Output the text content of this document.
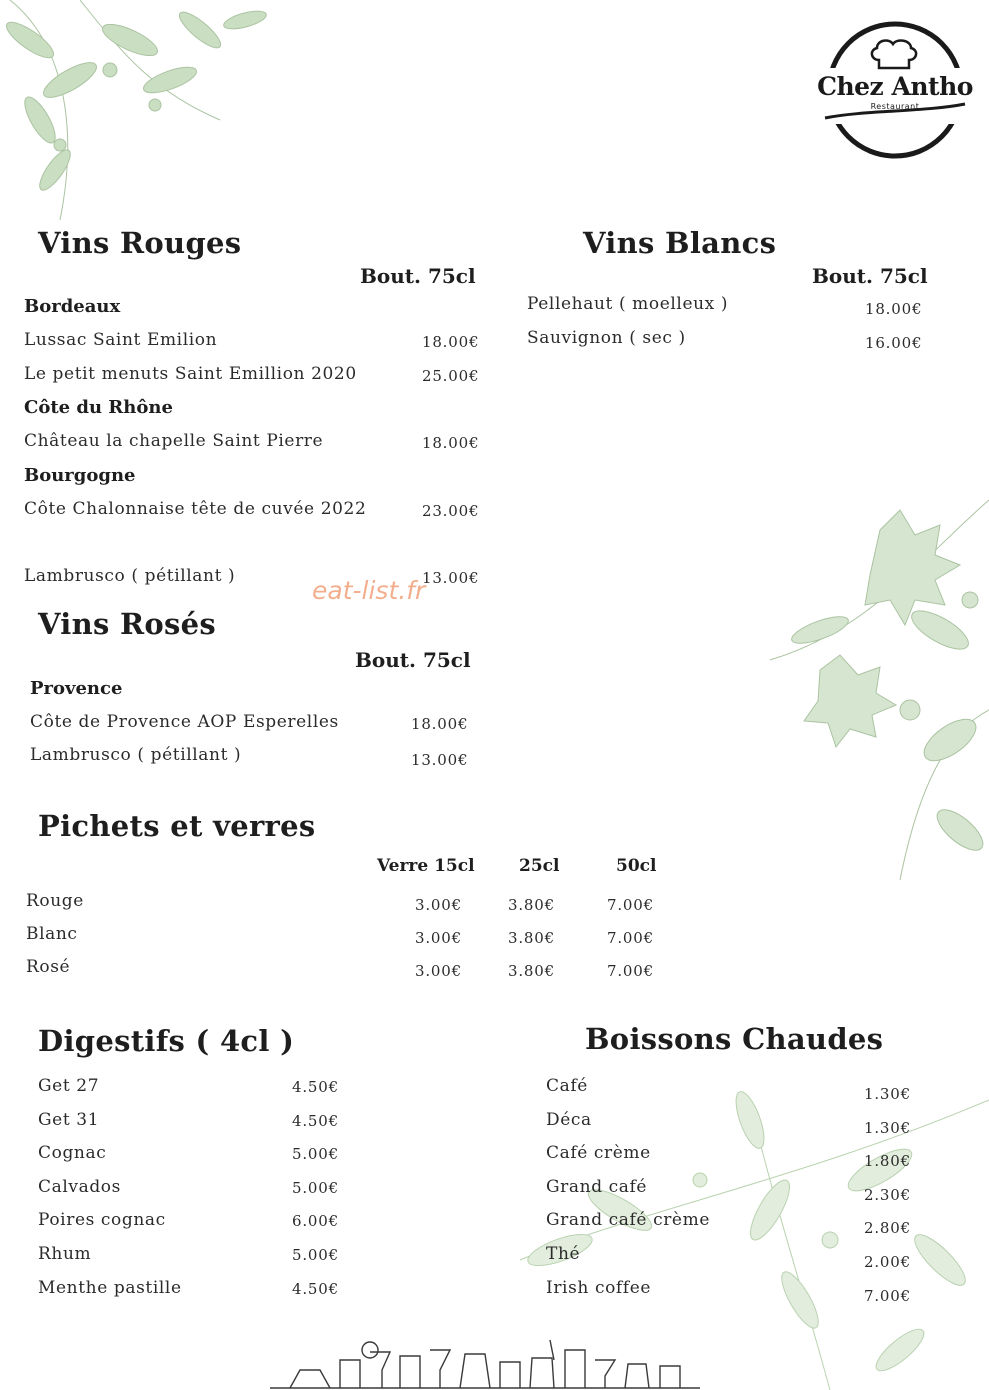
Chez Antho
Restaurant
Vins Rouges
Bout. 75cl
Bordeaux
Lussac Saint Emilion	18.00€
Le petit menuts Saint Emillion 2020	25.00€
Côte du Rhône
Château la chapelle Saint Pierre	18.00€
Bourgogne
Côte Chalonnaise tête de cuvée 2022	23.00€
Lambrusco ( pétillant )	13.00€
eat-list.fr
Vins Blancs
Bout. 75cl
Pellehaut ( moelleux )	18.00€
Sauvignon ( sec )	16.00€
Vins Rosés
Bout. 75cl
Provence
Côte de Provence AOP Esperelles	18.00€
Lambrusco ( pétillant )	13.00€
Pichets et verres
Verre 15cl	25cl	50cl
Rouge	3.00€	3.80€	7.00€
Blanc	3.00€	3.80€	7.00€
Rosé	3.00€	3.80€	7.00€
Digestifs ( 4cl )
Get 27	4.50€
Get 31	4.50€
Cognac	5.00€
Calvados	5.00€
Poires cognac	6.00€
Rhum	5.00€
Menthe pastille	4.50€
Boissons Chaudes
Café	1.30€
Déca	1.30€
Café crème	1.80€
Grand café	2.30€
Grand café crème	2.80€
Thé	2.00€
Irish coffee	7.00€
